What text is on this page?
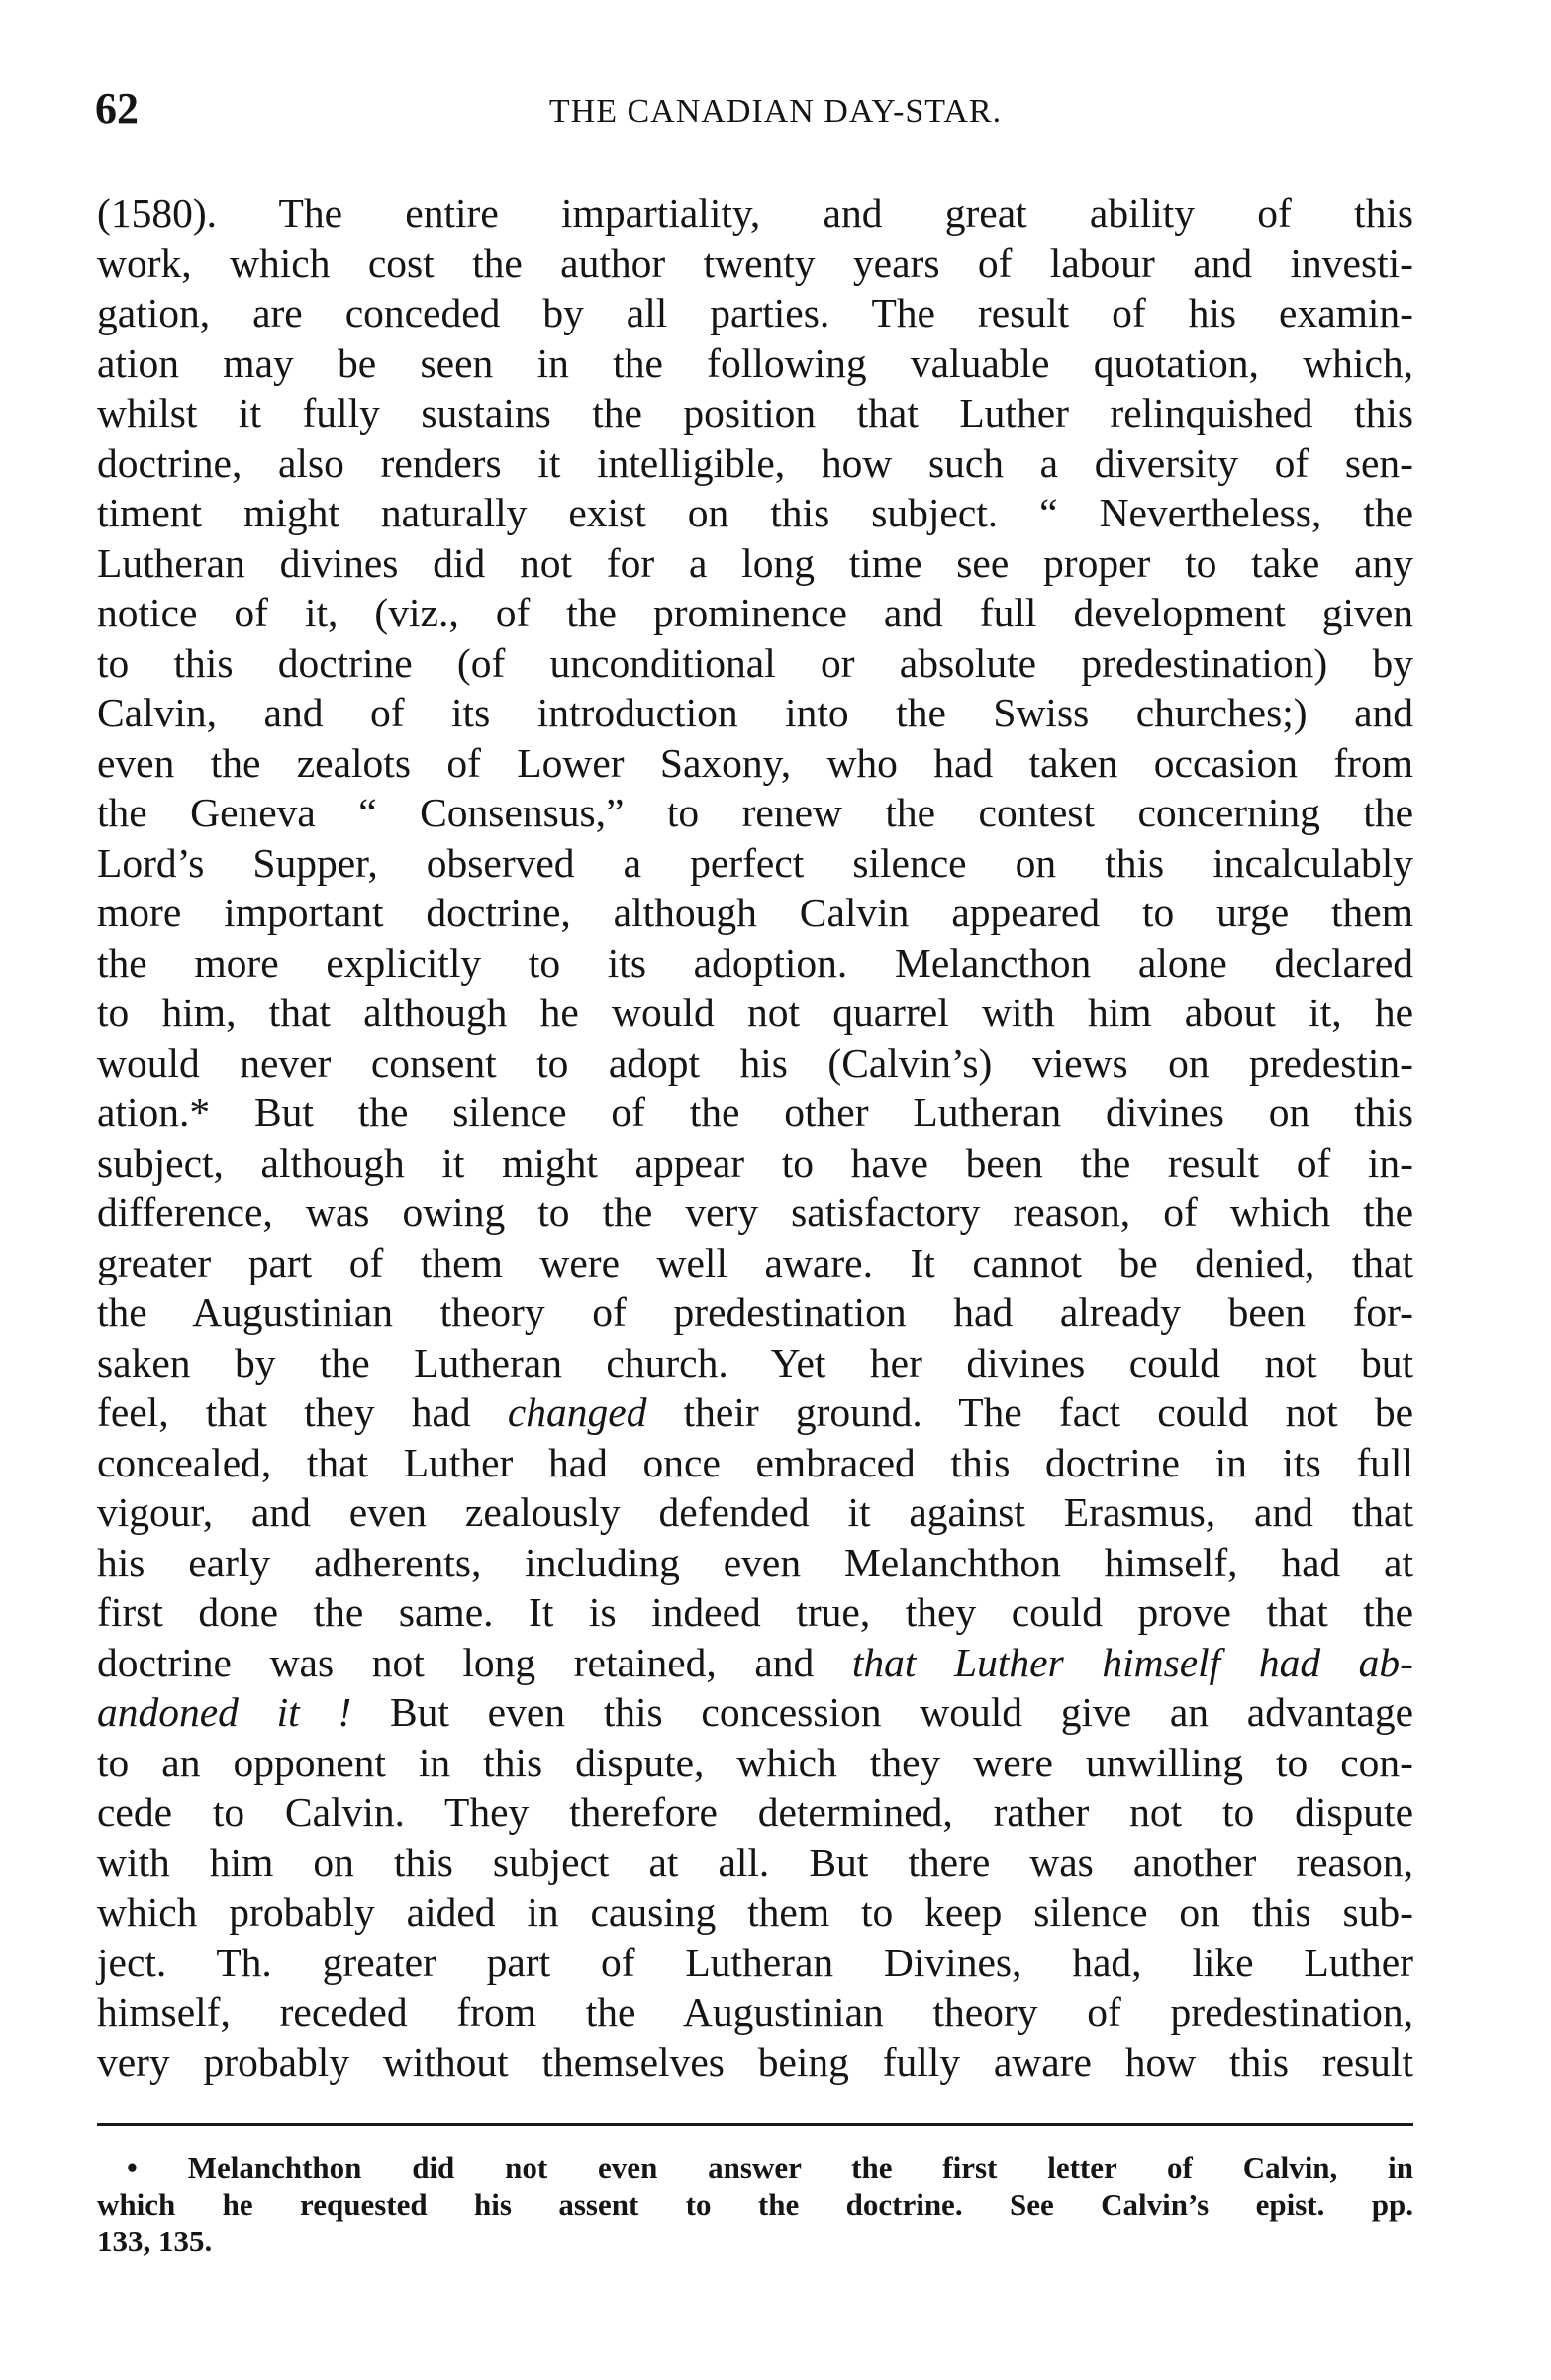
62	THE CANADIAN DAY-STAR.
(1580). The entire impartiality, and great ability of this
work, which cost the author twenty years of labour and investi-
gation, are conceded by all parties. The result of his examin-
ation may be seen in the following valuable quotation, which,
whilst it fully sustains the position that Luther relinquished this
doctrine, also renders it intelligible, how such a diversity of sen-
timent might naturally exist on this subject. “ Nevertheless, the
Lutheran divines did not for a long time see proper to take any
notice of it, (viz., of the prominence and full development given
to this doctrine (of unconditional or absolute predestination) by
Calvin, and of its introduction into the Swiss churches;) and
even the zealots of Lower Saxony, who had taken occasion from
the Geneva “ Consensus,” to renew the contest concerning the
Lord’s Supper, observed a perfect silence on this incalculably
more important doctrine, although Calvin appeared to urge them
the more explicitly to its adoption. Melancthon alone declared
to him, that although he would not quarrel with him about it, he
would never consent to adopt his (Calvin’s) views on predestin-
ation.* But the silence of the other Lutheran divines on this
subject, although it might appear to have been the result of in-
difference, was owing to the very satisfactory reason, of which the
greater part of them were well aware. It cannot be denied, that
the Augustinian theory of predestination had already been for-
saken by the Lutheran church. Yet her divines could not but
feel, that they had changed their ground. The fact could not be
concealed, that Luther had once embraced this doctrine in its full
vigour, and even zealously defended it against Erasmus, and that
his early adherents, including even Melanchthon himself, had at
first done the same. It is indeed true, they could prove that the
doctrine was not long retained, and that Luther himself had ab-
andoned it ! But even this concession would give an advantage
to an opponent in this dispute, which they were unwilling to con-
cede to Calvin. They therefore determined, rather not to dispute
with him on this subject at all. But there was another reason,
which probably aided in causing them to keep silence on this sub-
ject. Th. greater part of Lutheran Divines, had, like Luther
himself, receded from the Augustinian theory of predestination,
very probably without themselves being fully aware how this result
• Melanchthon did not even answer the first letter of Calvin, in
which he requested his assent to the doctrine. See Calvin’s epist. pp.
133, 135.
